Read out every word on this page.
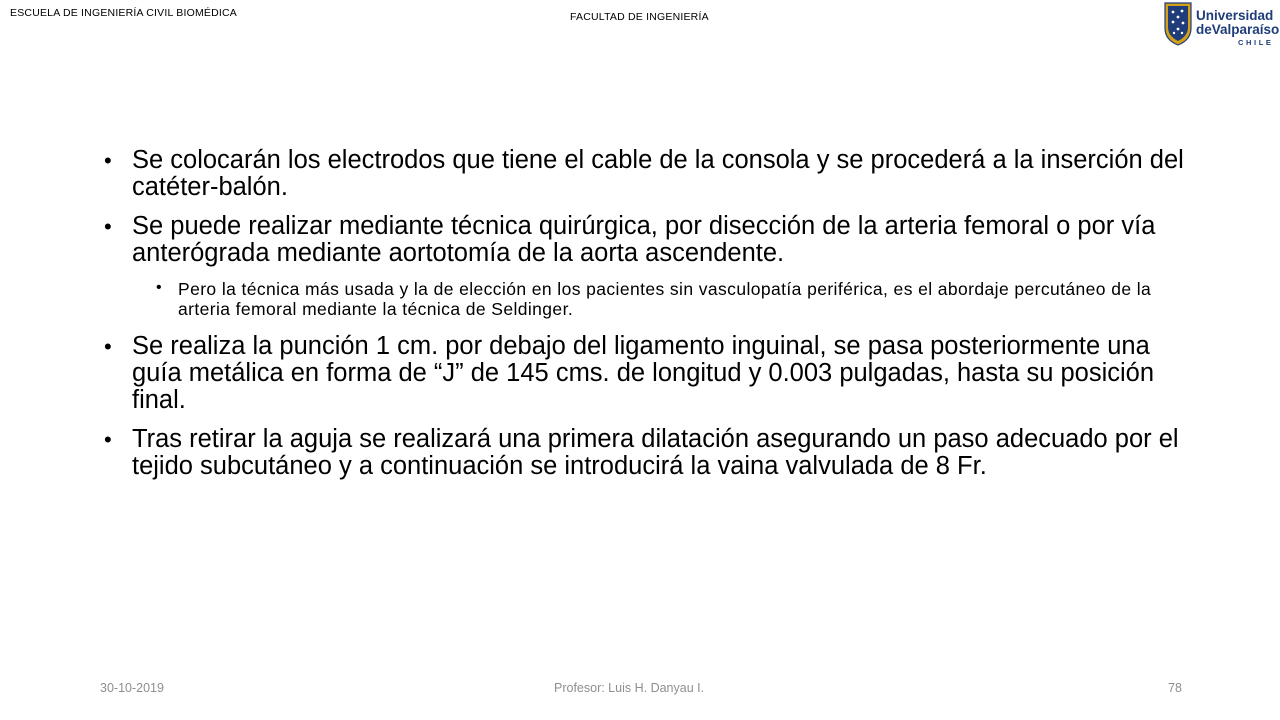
ESCUELA DE INGENIERÍA CIVIL BIOMÉDICA	FACULTAD DE INGENIERÍA	Universidad
deValparaíso
CHILE
• Se colocarán los electrodos que tiene el cable de la consola y se procederá a la inserción del catéter-balón.
• Se puede realizar mediante técnica quirúrgica, por disección de la arteria femoral o por vía anterógrada mediante aortotomía de la aorta ascendente.
• Pero la técnica más usada y la de elección en los pacientes sin vasculopatía periférica, es el abordaje percutáneo de la arteria femoral mediante la técnica de Seldinger.
• Se realiza la punción 1 cm. por debajo del ligamento inguinal, se pasa posteriormente una guía metálica en forma de “J” de 145 cms. de longitud y 0.003 pulgadas, hasta su posición final.
• Tras retirar la aguja se realizará una primera dilatación asegurando un paso adecuado por el tejido subcutáneo y a continuación se introducirá la vaina valvulada de 8 Fr.
30-10-2019	Profesor: Luis H. Danyau I.	78
